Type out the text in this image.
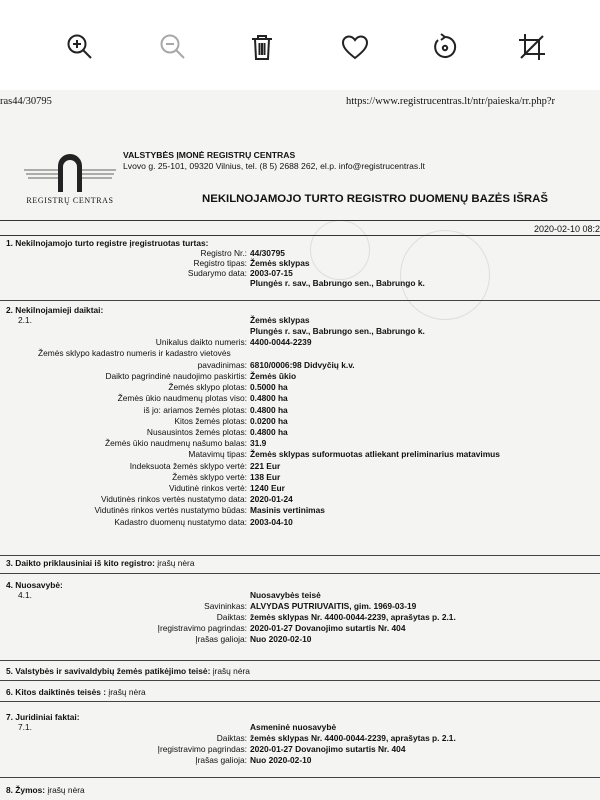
ras44/30795	https://www.registrucentras.lt/ntr/paieska/rr.php?r
REGISTRŲ CENTRAS
VALSTYBĖS ĮMONĖ REGISTRŲ CENTRAS
Lvovo g. 25-101, 09320 Vilnius, tel. (8 5) 2688 262, el.p. info@registrucentras.lt
NEKILNOJAMOJO TURTO REGISTRO DUOMENŲ BAZĖS IŠRAŠ
2020-02-10 08:2
1. Nekilnojamojo turto registre įregistruotas turtas:
Registro Nr.: 44/30795
Registro tipas: Žemės sklypas
Sudarymo data: 2003-07-15
Plungės r. sav., Babrungo sen., Babrungo k.
2. Nekilnojamieji daiktai:
2.1.	Žemės sklypas
Plungės r. sav., Babrungo sen., Babrungo k.
Unikalus daikto numeris: 4400-0044-2239
Žemės sklypo kadastro numeris ir kadastro vietovės
pavadinimas: 6810/0006:98 Didvyčių k.v.
Daikto pagrindinė naudojimo paskirtis: Žemės ūkio
Žemės sklypo plotas: 0.5000 ha
Žemės ūkio naudmenų plotas viso: 0.4800 ha
iš jo: ariamos žemės plotas: 0.4800 ha
Kitos žemės plotas: 0.0200 ha
Nusausintos žemės plotas: 0.4800 ha
Žemės ūkio naudmenų našumo balas: 31.9
Matavimų tipas: Žemės sklypas suformuotas atliekant preliminarius matavimus
Indeksuota žemės sklypo vertė: 221 Eur
Žemės sklypo vertė: 138 Eur
Vidutinė rinkos vertė: 1240 Eur
Vidutinės rinkos vertės nustatymo data: 2020-01-24
Vidutinės rinkos vertės nustatymo būdas: Masinis vertinimas
Kadastro duomenų nustatymo data: 2003-04-10
3. Daikto priklausiniai iš kito registro: įrašų nėra
4. Nuosavybė:
4.1.	Nuosavybės teisė
Savininkas: ALVYDAS PUTRIUVAITIS, gim. 1969-03-19
Daiktas: žemės sklypas Nr. 4400-0044-2239, aprašytas p. 2.1.
Įregistravimo pagrindas: 2020-01-27 Dovanojimo sutartis Nr. 404
Įrašas galioja: Nuo 2020-02-10
5. Valstybės ir savivaldybių žemės patikėjimo teisė: įrašų nėra
6. Kitos daiktinės teisės : įrašų nėra
7. Juridiniai faktai:
7.1.	Asmeninė nuosavybė
Daiktas: žemės sklypas Nr. 4400-0044-2239, aprašytas p. 2.1.
Įregistravimo pagrindas: 2020-01-27 Dovanojimo sutartis Nr. 404
Įrašas galioja: Nuo 2020-02-10
8. Žymos: įrašų nėra
